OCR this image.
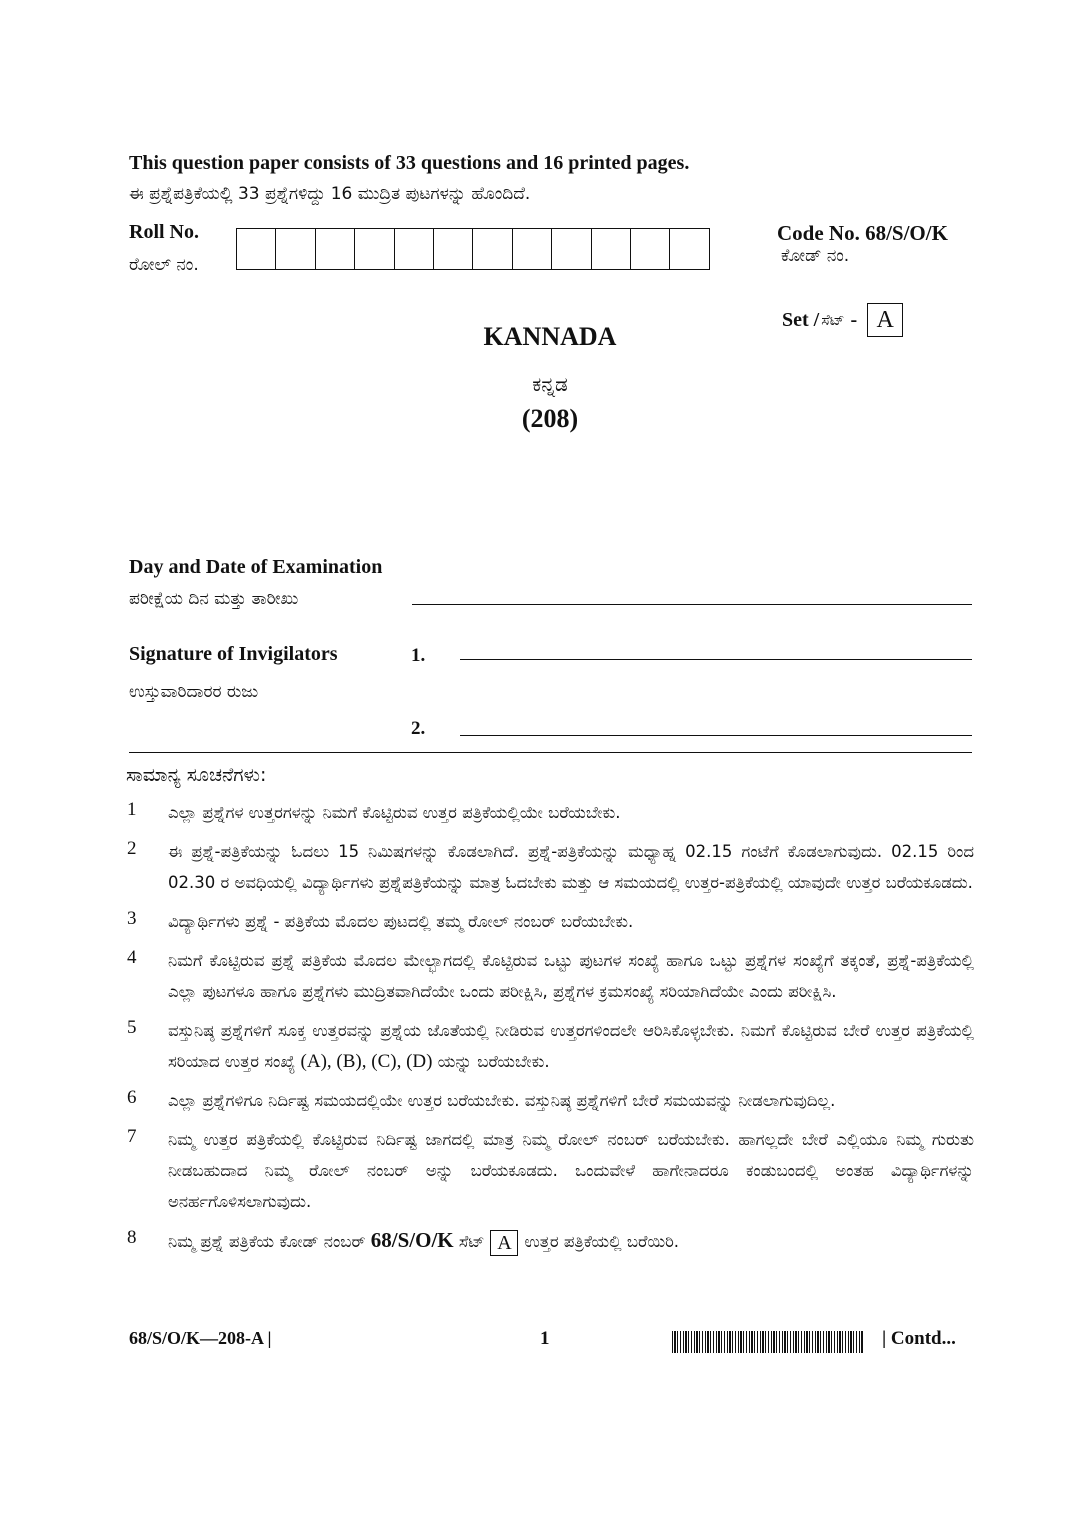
This question paper consists of 33 questions and 16 printed pages.
ಈ ಪ್ರಶ್ನೆಪತ್ರಿಕೆಯಲ್ಲಿ 33 ಪ್ರಶ್ನೆಗಳಿದ್ದು 16 ಮುದ್ರಿತ ಪುಟಗಳನ್ನು ಹೊಂದಿದೆ.
Roll No.
ರೋಲ್ ನಂ.
Code No. 68/S/O/K
ಕೋಡ್ ನಂ.
Set / ಸೆಟ್ - A
KANNADA
ಕನ್ನಡ
(208)
Day and Date of Examination
ಪರೀಕ್ಷೆಯ ದಿನ ಮತ್ತು ತಾರೀಖು
Signature of Invigilators	1.
ಉಸ್ತುವಾರಿದಾರರ ರುಜು
2.
ಸಾಮಾನ್ಯ ಸೂಚನೆಗಳು:
1	ಎಲ್ಲಾ ಪ್ರಶ್ನೆಗಳ ಉತ್ತರಗಳನ್ನು ನಿಮಗೆ ಕೊಟ್ಟಿರುವ ಉತ್ತರ ಪತ್ರಿಕೆಯಲ್ಲಿಯೇ ಬರೆಯಬೇಕು.
2	ಈ ಪ್ರಶ್ನೆ-ಪತ್ರಿಕೆಯನ್ನು ಓದಲು 15 ನಿಮಿಷಗಳನ್ನು ಕೊಡಲಾಗಿದೆ. ಪ್ರಶ್ನೆ-ಪತ್ರಿಕೆಯನ್ನು ಮಧ್ಯಾಹ್ನ 02.15 ಗಂಟೆಗೆ ಕೊಡಲಾಗುವುದು. 02.15 ರಿಂದ 02.30 ರ ಅವಧಿಯಲ್ಲಿ ವಿದ್ಯಾರ್ಥಿಗಳು ಪ್ರಶ್ನೆಪತ್ರಿಕೆಯನ್ನು ಮಾತ್ರ ಓದಬೇಕು ಮತ್ತು ಆ ಸಮಯದಲ್ಲಿ ಉತ್ತರ-ಪತ್ರಿಕೆಯಲ್ಲಿ ಯಾವುದೇ ಉತ್ತರ ಬರೆಯಕೂಡದು.
3	ವಿದ್ಯಾರ್ಥಿಗಳು ಪ್ರಶ್ನೆ - ಪತ್ರಿಕೆಯ ಮೊದಲ ಪುಟದಲ್ಲಿ ತಮ್ಮ ರೋಲ್ ನಂಬರ್ ಬರೆಯಬೇಕು.
4	ನಿಮಗೆ ಕೊಟ್ಟಿರುವ ಪ್ರಶ್ನೆ ಪತ್ರಿಕೆಯ ಮೊದಲ ಮೇಲ್ಭಾಗದಲ್ಲಿ ಕೊಟ್ಟಿರುವ ಒಟ್ಟು ಪುಟಗಳ ಸಂಖ್ಯೆ ಹಾಗೂ ಒಟ್ಟು ಪ್ರಶ್ನೆಗಳ ಸಂಖ್ಯೆಗೆ ತಕ್ಕಂತೆ, ಪ್ರಶ್ನೆ-ಪತ್ರಿಕೆಯಲ್ಲಿ ಎಲ್ಲಾ ಪುಟಗಳೂ ಹಾಗೂ ಪ್ರಶ್ನೆಗಳು ಮುದ್ರಿತವಾಗಿದೆಯೇ ಒಂದು ಪರೀಕ್ಷಿಸಿ, ಪ್ರಶ್ನೆಗಳ ಕ್ರಮಸಂಖ್ಯೆ ಸರಿಯಾಗಿದೆಯೇ ಎಂದು ಪರೀಕ್ಷಿಸಿ.
5	ವಸ್ತುನಿಷ್ಠ ಪ್ರಶ್ನೆಗಳಿಗೆ ಸೂಕ್ತ ಉತ್ತರವನ್ನು ಪ್ರಶ್ನೆಯ ಜೊತೆಯಲ್ಲಿ ನೀಡಿರುವ ಉತ್ತರಗಳಿಂದಲೇ ಆರಿಸಿಕೊಳ್ಳಬೇಕು. ನಿಮಗೆ ಕೊಟ್ಟಿರುವ ಬೇರೆ ಉತ್ತರ ಪತ್ರಿಕೆಯಲ್ಲಿ ಸರಿಯಾದ ಉತ್ತರ ಸಂಖ್ಯೆ (A), (B), (C), (D) ಯನ್ನು ಬರೆಯಬೇಕು.
6	ಎಲ್ಲಾ ಪ್ರಶ್ನೆಗಳಿಗೂ ನಿರ್ದಿಷ್ಟ ಸಮಯದಲ್ಲಿಯೇ ಉತ್ತರ ಬರೆಯಬೇಕು. ವಸ್ತುನಿಷ್ಠ ಪ್ರಶ್ನೆಗಳಿಗೆ ಬೇರೆ ಸಮಯವನ್ನು ನೀಡಲಾಗುವುದಿಲ್ಲ.
7	ನಿಮ್ಮ ಉತ್ತರ ಪತ್ರಿಕೆಯಲ್ಲಿ ಕೊಟ್ಟಿರುವ ನಿರ್ದಿಷ್ಟ ಜಾಗದಲ್ಲಿ ಮಾತ್ರ ನಿಮ್ಮ ರೋಲ್ ನಂಬರ್ ಬರೆಯಬೇಕು. ಹಾಗಲ್ಲದೇ ಬೇರೆ ಎಲ್ಲಿಯೂ ನಿಮ್ಮ ಗುರುತು ನೀಡಬಹುದಾದ ನಿಮ್ಮ ರೋಲ್ ನಂಬರ್ ಅನ್ನು ಬರೆಯಕೂಡದು. ಒಂದುವೇಳೆ ಹಾಗೇನಾದರೂ ಕಂಡುಬಂದಲ್ಲಿ ಅಂತಹ ವಿದ್ಯಾರ್ಥಿಗಳನ್ನು ಅನರ್ಹಗೊಳಿಸಲಾಗುವುದು.
8	ನಿಮ್ಮ ಪ್ರಶ್ನೆ ಪತ್ರಿಕೆಯ ಕೋಡ್ ನಂಬರ್ 68/S/O/K ಸೆಟ್ A ಉತ್ತರ ಪತ್ರಿಕೆಯಲ್ಲಿ ಬರೆಯಿರಿ.
68/S/O/K—208-A |	1	| Contd...
